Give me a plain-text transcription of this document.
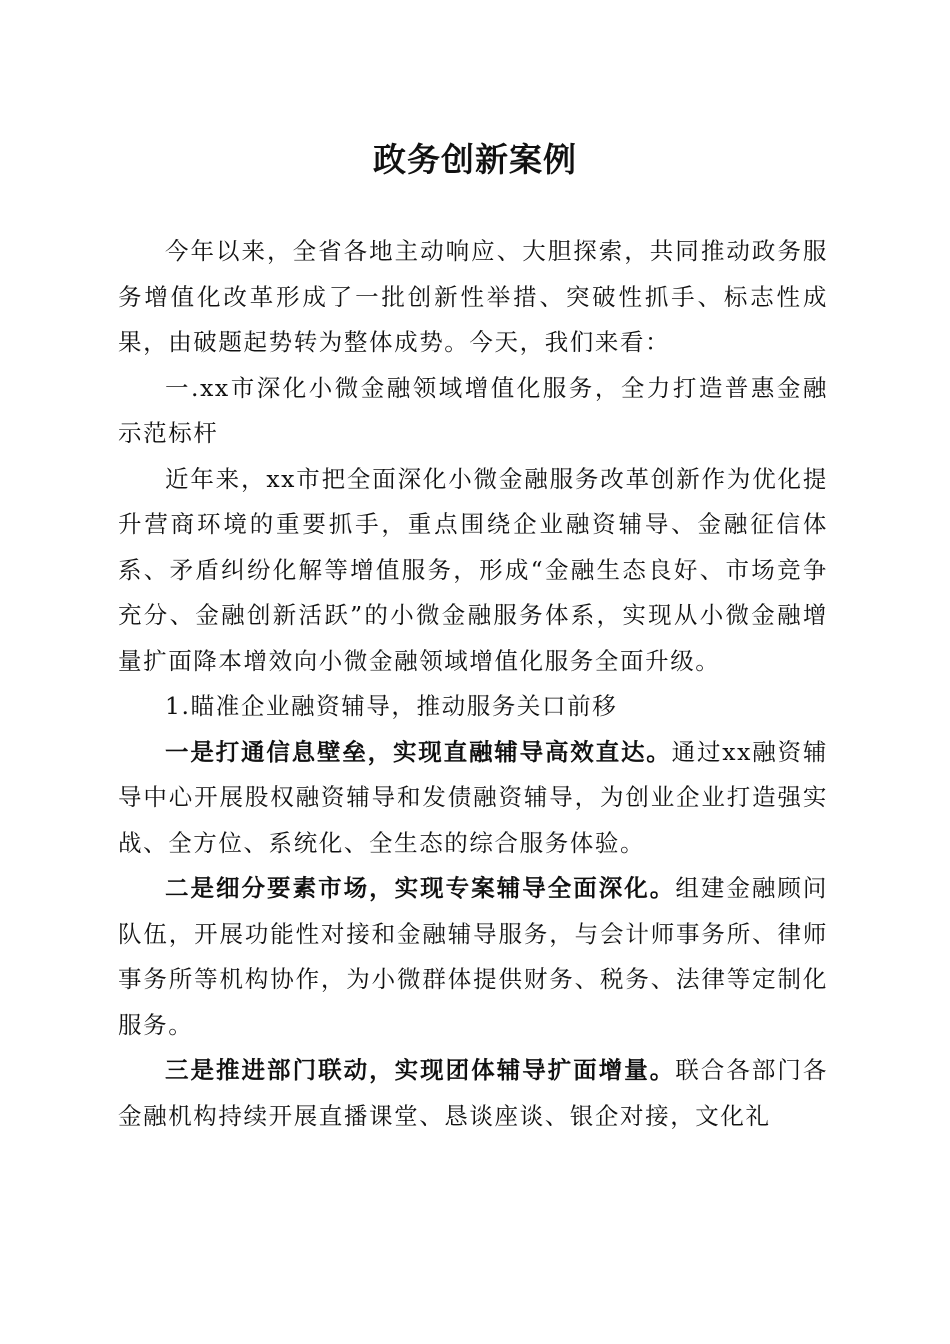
政务创新案例

今年以来，全省各地主动响应、大胆探索，共同推动政务服务增值化改革形成了一批创新性举措、突破性抓手、标志性成果，由破题起势转为整体成势。今天，我们来看：

一.xx市深化小微金融领域增值化服务，全力打造普惠金融示范标杆

近年来，xx市把全面深化小微金融服务改革创新作为优化提升营商环境的重要抓手，重点围绕企业融资辅导、金融征信体系、矛盾纠纷化解等增值服务，形成“金融生态良好、市场竞争充分、金融创新活跃”的小微金融服务体系，实现从小微金融增量扩面降本增效向小微金融领域增值化服务全面升级。

1.瞄准企业融资辅导，推动服务关口前移

一是打通信息壁垒，实现直融辅导高效直达。通过xx融资辅导中心开展股权融资辅导和发债融资辅导，为创业企业打造强实战、全方位、系统化、全生态的综合服务体验。

二是细分要素市场，实现专案辅导全面深化。组建金融顾问队伍，开展功能性对接和金融辅导服务，与会计师事务所、律师事务所等机构协作，为小微群体提供财务、税务、法律等定制化服务。

三是推进部门联动，实现团体辅导扩面增量。联合各部门各金融机构持续开展直播课堂、恳谈座谈、银企对接，文化礼
